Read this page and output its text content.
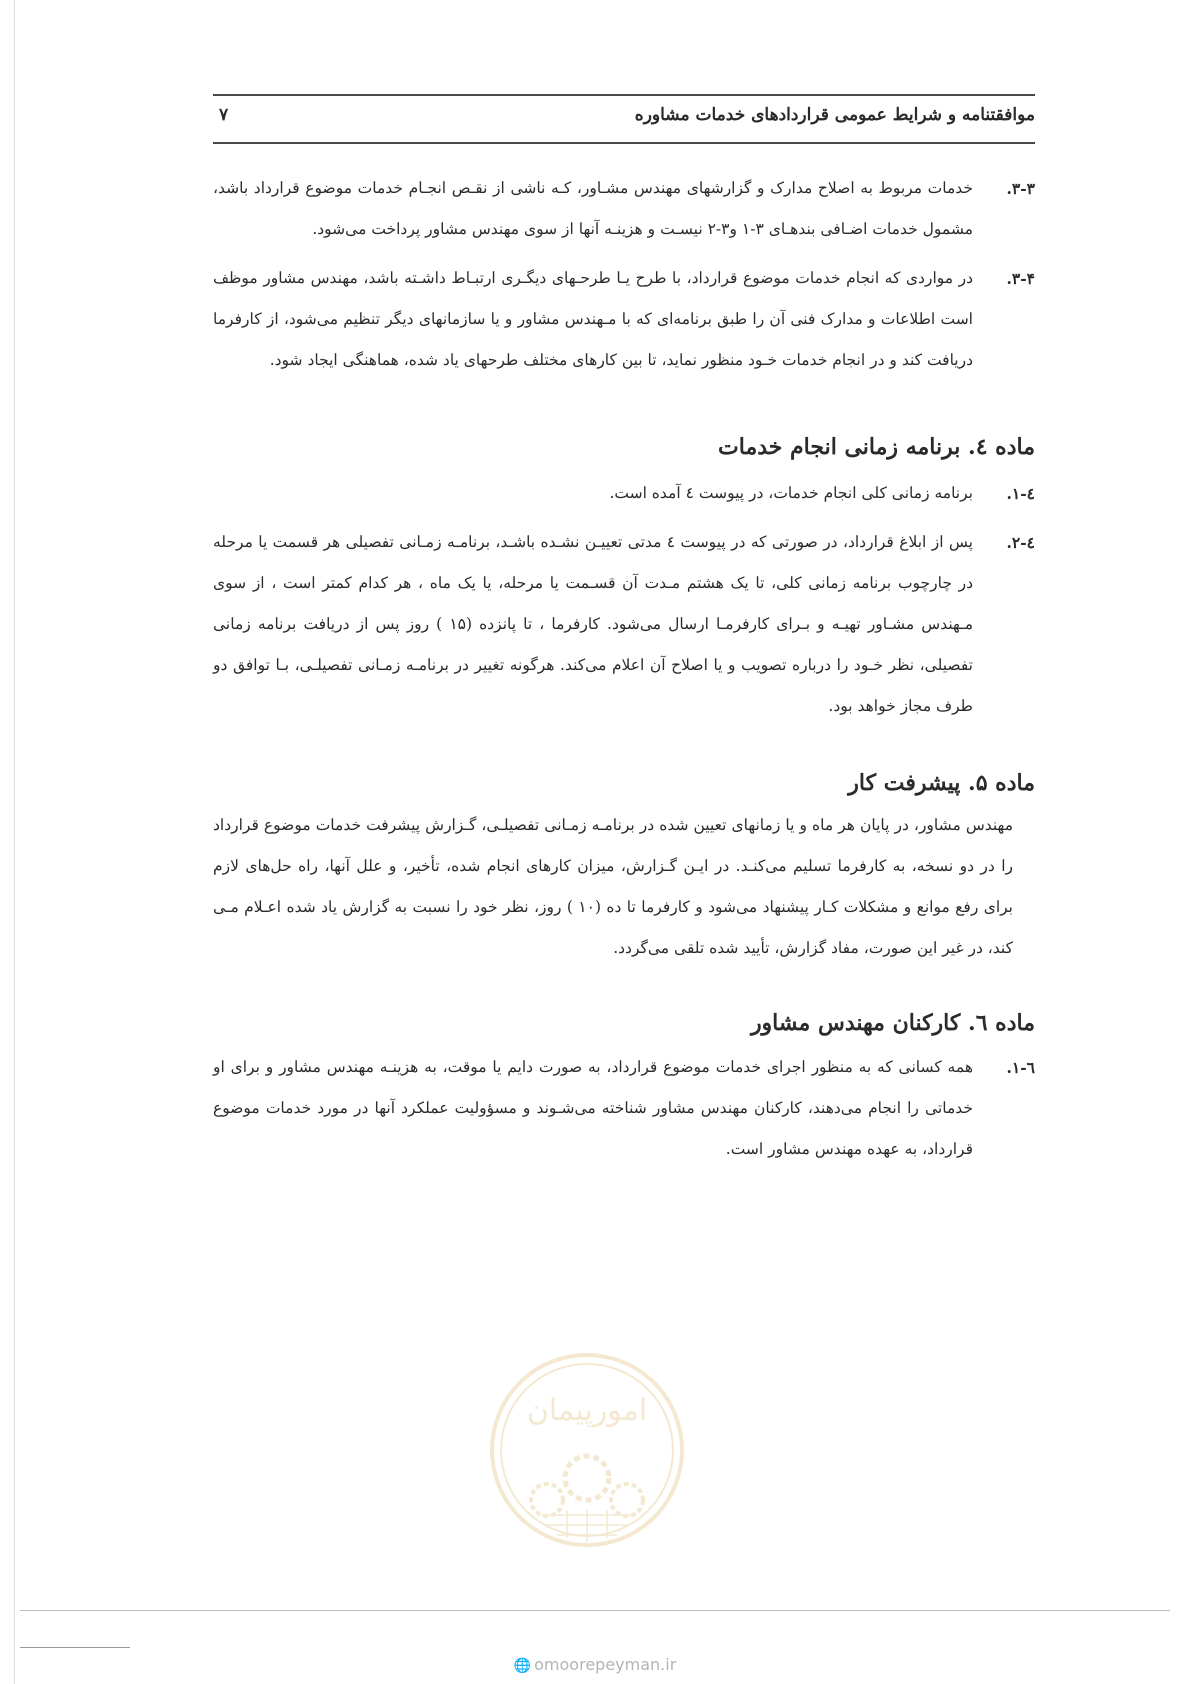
موافقتنامه و شرایط عمومی قراردادهای خدمات مشاوره
۷

۳-۳.
خدمات مربوط به اصلاح مدارک و گزارشهای مهندس مشـاور، کـه ناشی از نقـص انجـام خدمات موضوع قرارداد باشد، مشمول خدمات اضـافی بندهـای ۳-۱ و۳-۲ نیسـت و هزینـه آنها از سوی مهندس مشاور پرداخت می‌شود.

۳-۴.
در مواردی که انجام خدمات موضوع قرارداد، با طرح یـا طرحـهای دیگـری ارتبـاط داشـته باشد، مهندس مشاور موظف است اطلاعات و مدارک فنی آن را طبق برنامه‌ای که با مـهندس مشاور و یا سازمانهای دیگر تنظیم می‌شود، از کارفرما دریافت کند و در انجام خدمات خـود منظور نماید، تا بین کارهای مختلف طرحهای یاد شده، هماهنگی ایجاد شود.

ماده ٤. برنامه زمانی انجام خدمات

٤-١.
برنامه زمانی کلی انجام خدمات، در پیوست ٤ آمده است.

٤-٢.
پس از ابلاغ قرارداد، در صورتی که در پیوست ٤ مدتی تعییـن نشـده باشـد، برنامـه زمـانی تفصیلی هر قسمت یا مرحله در چارچوب برنامه زمانی کلی، تا یک هشتم مـدت آن قسـمت یا مرحله، یا یک ماه ، هر کدام کمتر است ، از سوی مـهندس مشـاور تهیـه و بـرای کارفرمـا ارسال می‌شود. کارفرما ، تا پانزده (١۵ ) روز پس از دریافت برنامه زمانی تفصیلی، نظر خـود را درباره تصویب و یا اصلاح آن اعلام می‌کند. هرگونه تغییر در برنامـه زمـانی تفصیلـی، بـا توافق دو طرف مجاز خواهد بود.

ماده ۵. پیشرفت کار

مهندس مشاور، در پایان هر ماه و یا زمانهای تعیین شده در برنامـه زمـانی تفصیلـی، گـزارش پیشرفت خدمات موضوع قرارداد را در دو نسخه، به کارفرما تسلیم می‌کنـد. در ایـن گـزارش، میزان کارهای انجام شده، تأخیر، و علل آنها، راه حل‌های لازم برای رفع موانع و مشکلات کـار پیشنهاد می‌شود و کارفرما تا ده (١٠ ) روز، نظر خود را نسبت به گزارش یاد شده اعـلام مـی کند، در غیر این صورت، مفاد گزارش، تأیید شده تلقی می‌گردد.

ماده ٦. کارکنان مهندس مشاور

٦-١.
همه کسانی که به منظور اجرای خدمات موضوع قرارداد، به صورت دایم یا موقت، به هزینـه مهندس مشاور و برای او خدماتی را انجام می‌دهند، کارکنان مهندس مشاور شناخته می‌شـوند و مسؤولیت عملکرد آنها در مورد خدمات موضوع قرارداد، به عهده مهندس مشاور است.

امورپیمان
🌐 omoorepeyman.ir
